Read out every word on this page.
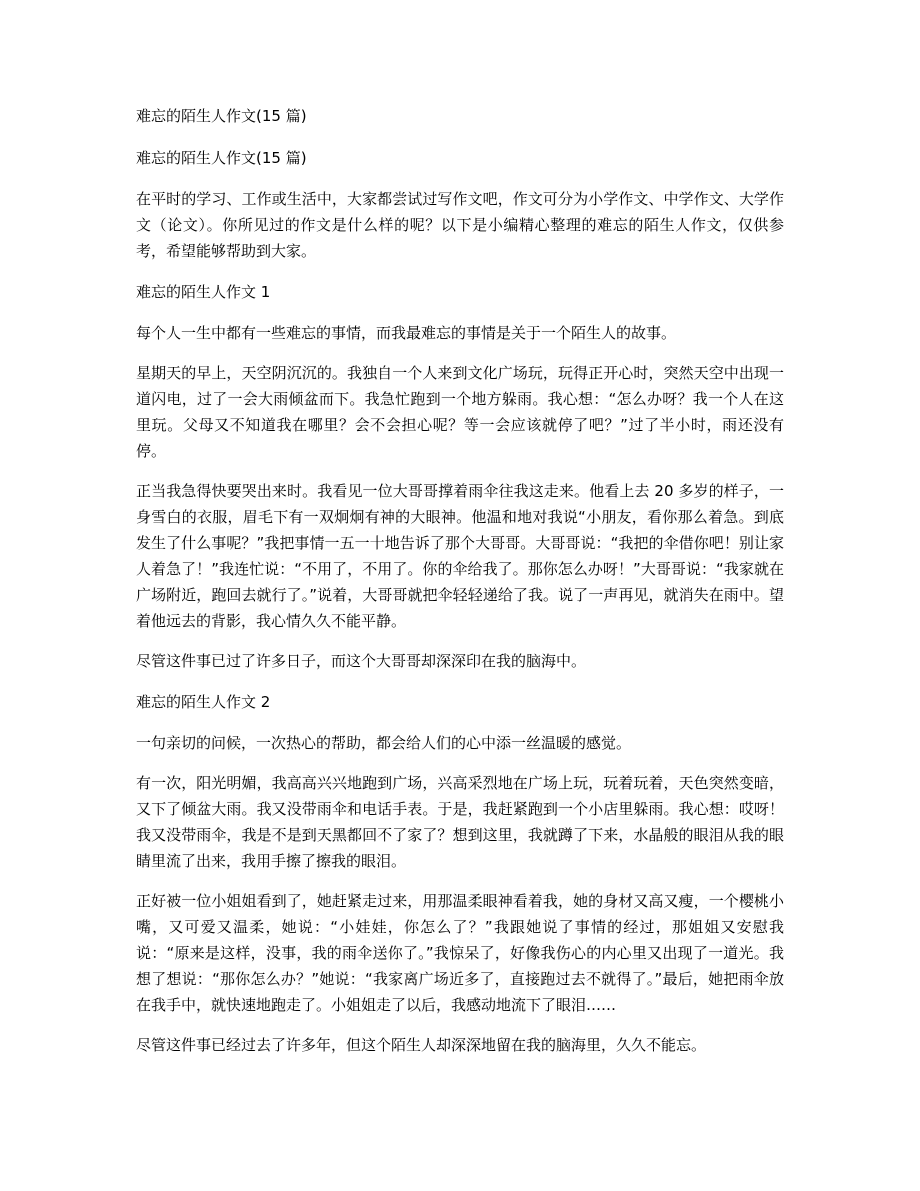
难忘的陌生人作文(15 篇)
难忘的陌生人作文(15 篇)

在平时的学习、工作或生活中，大家都尝试过写作文吧，作文可分为小学作文、中学作文、大学作文（论文）。你所见过的作文是什么样的呢？以下是小编精心整理的难忘的陌生人作文，仅供参考，希望能够帮助到大家。

难忘的陌生人作文 1

每个人一生中都有一些难忘的事情，而我最难忘的事情是关于一个陌生人的故事。

星期天的早上，天空阴沉沉的。我独自一个人来到文化广场玩，玩得正开心时，突然天空中出现一道闪电，过了一会大雨倾盆而下。我急忙跑到一个地方躲雨。我心想：“怎么办呀？我一个人在这里玩。父母又不知道我在哪里？会不会担心呢？等一会应该就停了吧？”过了半小时，雨还没有停。

正当我急得快要哭出来时。我看见一位大哥哥撑着雨伞往我这走来。他看上去 20 多岁的样子，一身雪白的衣服，眉毛下有一双炯炯有神的大眼神。他温和地对我说“小朋友，看你那么着急。到底发生了什么事呢？”我把事情一五一十地告诉了那个大哥哥。大哥哥说：“我把的伞借你吧！别让家人着急了！”我连忙说：“不用了，不用了。你的伞给我了。那你怎么办呀！”大哥哥说：“我家就在广场附近，跑回去就行了。”说着，大哥哥就把伞轻轻递给了我。说了一声再见，就消失在雨中。望着他远去的背影，我心情久久不能平静。

尽管这件事已过了许多日子，而这个大哥哥却深深印在我的脑海中。

难忘的陌生人作文 2

一句亲切的问候，一次热心的帮助，都会给人们的心中添一丝温暖的感觉。

有一次，阳光明媚，我高高兴兴地跑到广场，兴高采烈地在广场上玩，玩着玩着，天色突然变暗，又下了倾盆大雨。我又没带雨伞和电话手表。于是，我赶紧跑到一个小店里躲雨。我心想：哎呀！我又没带雨伞，我是不是到天黑都回不了家了？想到这里，我就蹲了下来，水晶般的眼泪从我的眼睛里流了出来，我用手擦了擦我的眼泪。

正好被一位小姐姐看到了，她赶紧走过来，用那温柔眼神看着我，她的身材又高又瘦，一个樱桃小嘴，又可爱又温柔，她说：“小娃娃，你怎么了？”我跟她说了事情的经过，那姐姐又安慰我说：“原来是这样，没事，我的雨伞送你了。”我惊呆了，好像我伤心的内心里又出现了一道光。我想了想说：“那你怎么办？”她说：“我家离广场近多了，直接跑过去不就得了。”最后，她把雨伞放在我手中，就快速地跑走了。小姐姐走了以后，我感动地流下了眼泪……

尽管这件事已经过去了许多年，但这个陌生人却深深地留在我的脑海里，久久不能忘。
